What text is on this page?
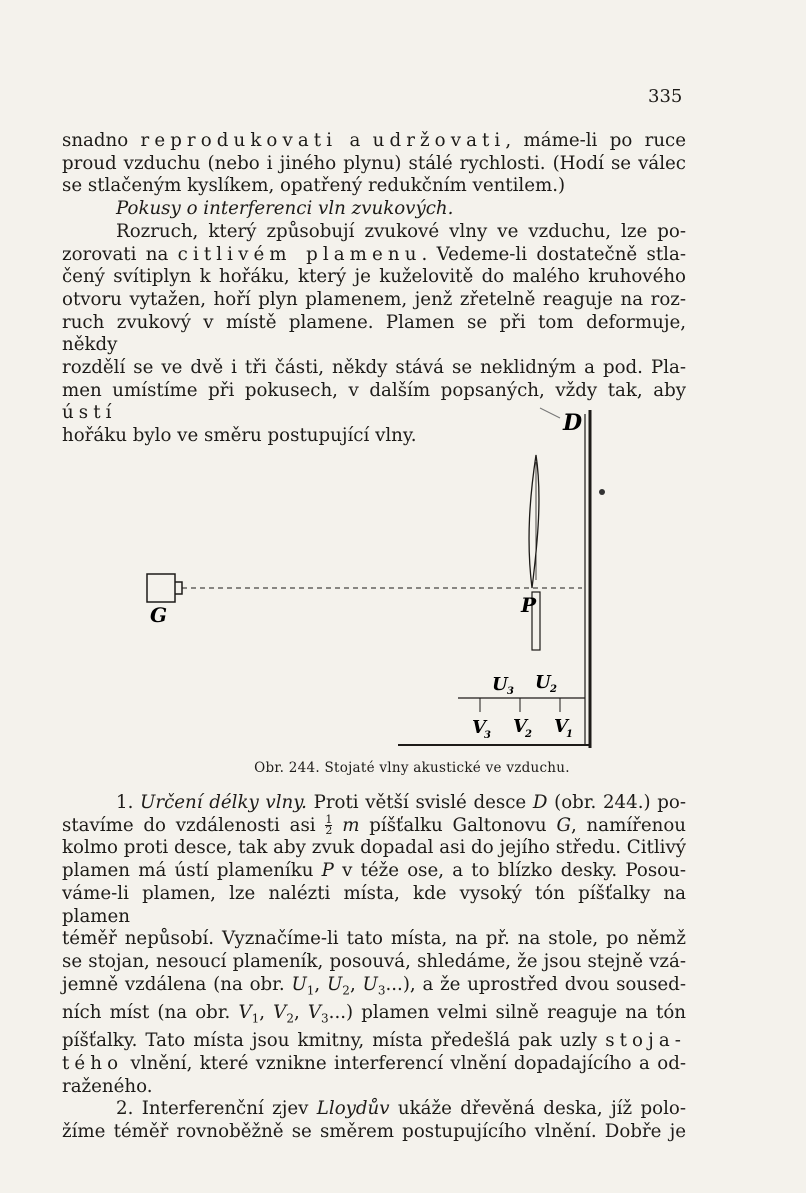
335

snadno reprodukovati a udržovati, máme-li po ruce

proud vzduchu (nebo i jiného plynu) stálé rychlosti. (Hodí se válec

se stlačeným kyslíkem, opatřený redukčním ventilem.)

Pokusy o interferenci vln zvukových.

Rozruch, který způsobují zvukové vlny ve vzduchu, lze po-

zorovati na citlivém plamenu. Vedeme-li dostatečně stla-

čený svítiplyn k hořáku, který je kuželovitě do malého kruhového

otvoru vytažen, hoří plyn plamenem, jenž zřetelně reaguje na roz-

ruch zvukový v místě plamene. Plamen se při tom deformuje, někdy

rozdělí se ve dvě i tři části, někdy stává se neklidným a pod. Pla-

men umístíme při pokusech, v dalším popsaných, vždy tak, aby ústí

hořáku bylo ve směru postupující vlny.	D
G	P
U 3 U 2
V
3 V
2 V
1
Obr. 244. Stojaté vlny akustické ve vzduchu.

1. Určení délky vlny. Proti větší svislé desce D (obr. 244.) po-

stavíme do vzdálenosti asi $\frac{1}{2}$ m píšťalku Galtonovu G, namířenou

kolmo proti desce, tak aby zvuk dopadal asi do jejího středu. Citlivý

plamen má ústí plameníku P v téže ose, a to blízko desky. Posou-

váme-li plamen, lze nalézti místa, kde vysoký tón píšťalky na plamen

téměř nepůsobí. Vyznačíme-li tato místa, na př. na stole, po němž

se stojan, nesoucí plameník, posouvá, shledáme, že jsou stejně vzá-

jemně vzdálena (na obr. $U_1$, $U_2$, $U_3$...), a že uprostřed dvou soused-

ních míst (na obr. $V_1$, $V_2$, $V_3$...) plamen velmi silně reaguje na tón

píšťalky. Tato místa jsou kmitny, místa předešlá pak uzly stoja-

tého vlnění, které vznikne interferencí vlnění dopadajícího a od-

raženého.

2. Interferenční zjev Lloydův ukáže dřevěná deska, jíž polo-

žíme téměř rovnoběžně se směrem postupujícího vlnění. Dobře je
